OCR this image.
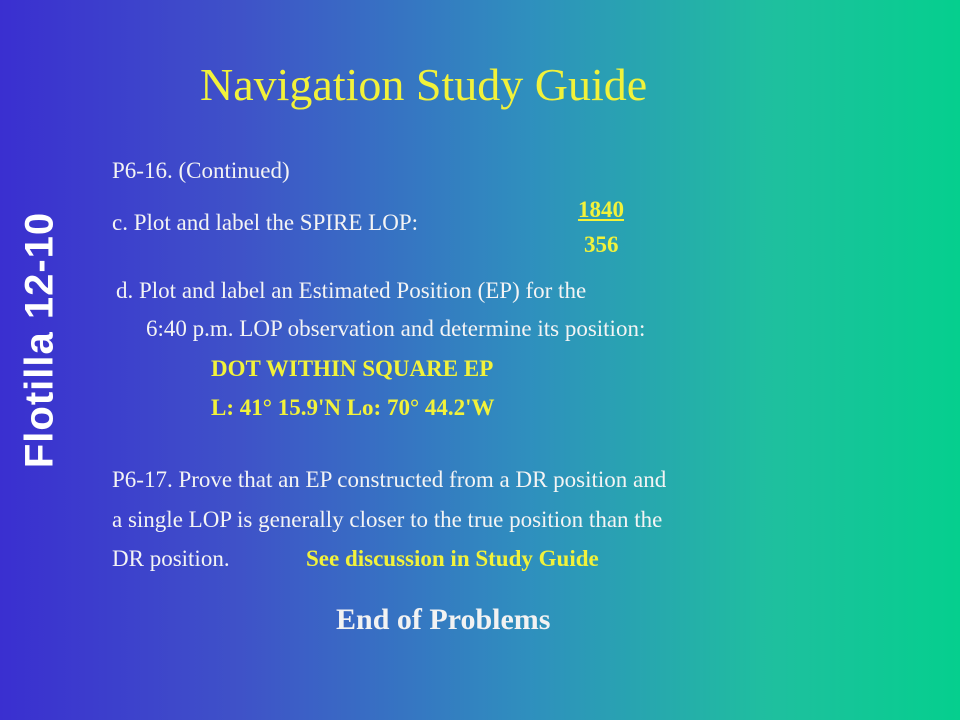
Navigation Study Guide
Flotilla 12-10
P6-16. (Continued)
c. Plot and label the SPIRE LOP:
1840
356
d. Plot and label an Estimated Position (EP) for the
6:40 p.m. LOP observation and determine its position:
DOT WITHIN SQUARE EP
L: 41° 15.9'N Lo: 70° 44.2'W
P6-17. Prove that an EP constructed from a DR position and
a single LOP is generally closer to the true position than the
DR position.	See discussion in Study Guide
End of Problems
